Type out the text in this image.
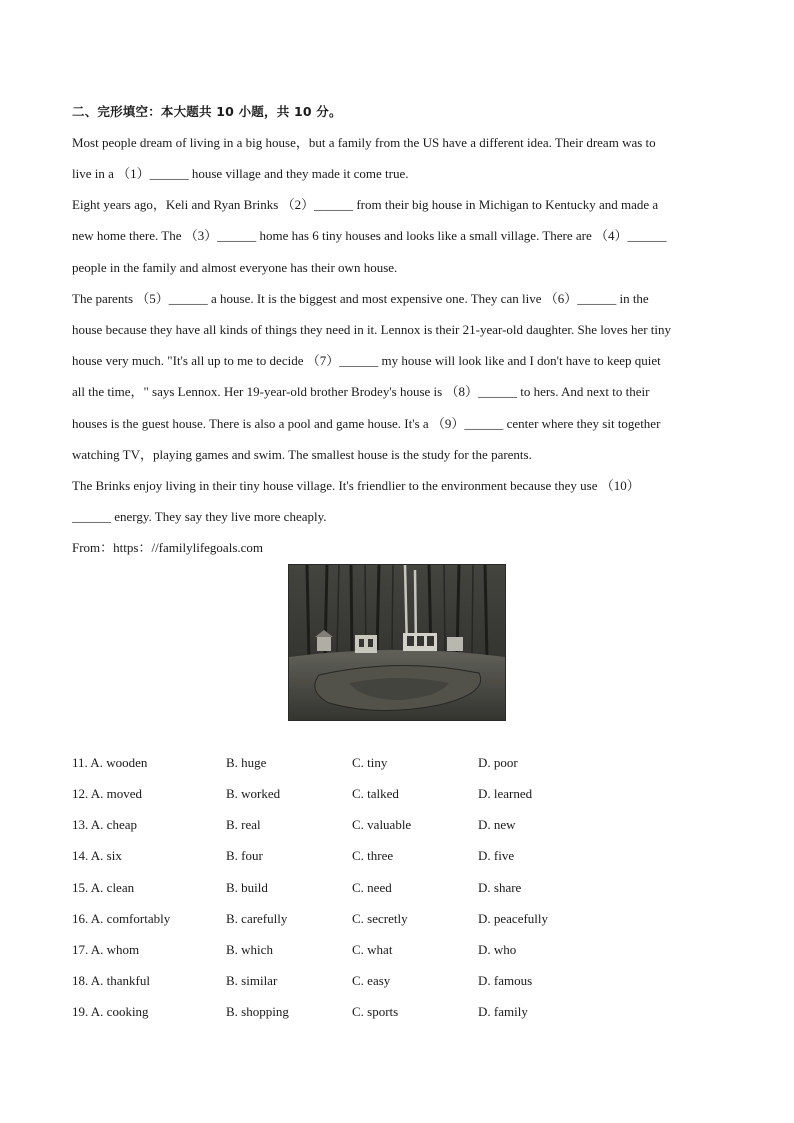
二、完形填空：本大题共 10 小题，共 10 分。
Most people dream of living in a big house，but a family from the US have a different idea. Their dream was to
live in a （1）______ house village and they made it come true.
Eight years ago，Keli and Ryan Brinks （2）______ from their big house in Michigan to Kentucky and made a
new home there. The （3）______ home has 6 tiny houses and looks like a small village. There are （4）______
people in the family and almost everyone has their own house.
The parents （5）______ a house. It is the biggest and most expensive one. They can live （6）______ in the
house because they have all kinds of things they need in it. Lennox is their 21-year-old daughter. She loves her tiny
house very much. "It's all up to me to decide （7）______ my house will look like and I don't have to keep quiet
all the time，" says Lennox. Her 19-year-old brother Brodey's house is （8）______ to hers. And next to their
houses is the guest house. There is also a pool and game house. It's a （9）______ center where they sit together
watching TV，playing games and swim. The smallest house is the study for the parents.
The Brinks enjoy living in their tiny house village. It's friendlier to the environment because they use （10）
______ energy. They say they live more cheaply.
From：https：//familylifegoals.com
11. A. wooden	B. huge	C. tiny	D. poor
12. A. moved	B. worked	C. talked	D. learned
13. A. cheap	B. real	C. valuable	D. new
14. A. six	B. four	C. three	D. five
15. A. clean	B. build	C. need	D. share
16. A. comfortably	B. carefully	C. secretly	D. peacefully
17. A. whom	B. which	C. what	D. who
18. A. thankful	B. similar	C. easy	D. famous
19. A. cooking	B. shopping	C. sports	D. family
